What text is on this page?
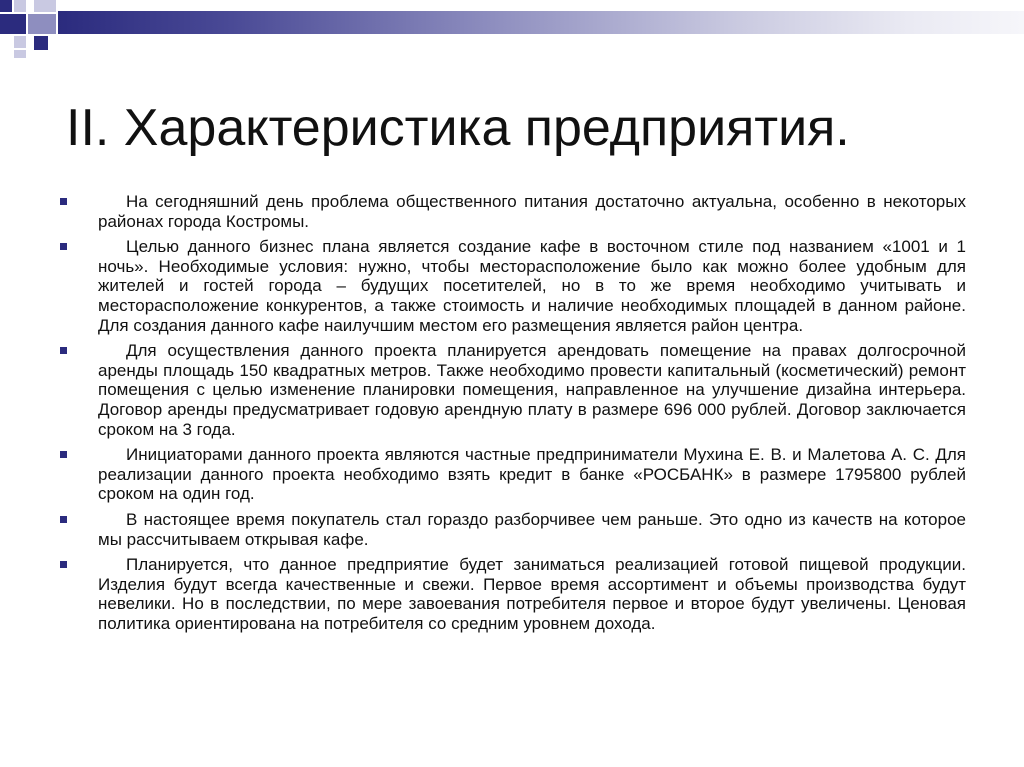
II. Характеристика предприятия.
На сегодняшний день проблема общественного питания достаточно актуальна, особенно в некоторых районах города Костромы.
Целью данного бизнес плана является создание кафе в восточном стиле под названием «1001 и 1 ночь». Необходимые условия: нужно, чтобы месторасположение было как можно более удобным для жителей и гостей города – будущих посетителей, но в то же время необходимо учитывать и месторасположение конкурентов, а также стоимость и наличие необходимых площадей в данном районе. Для создания данного кафе наилучшим местом его размещения является район центра.
Для осуществления данного проекта планируется арендовать помещение на правах долгосрочной аренды площадь 150 квадратных метров. Также необходимо провести капитальный (косметический) ремонт помещения с целью изменение планировки помещения, направленное на улучшение дизайна интерьера. Договор аренды предусматривает годовую арендную плату в размере 696 000 рублей. Договор заключается сроком на 3 года.
Инициаторами данного проекта являются частные предприниматели Мухина Е. В. и Малетова А. С. Для реализации данного проекта необходимо взять кредит в банке «РОСБАНК» в размере 1795800 рублей сроком на один год.
В настоящее время покупатель стал гораздо разборчивее чем раньше. Это одно из качеств на которое мы рассчитываем открывая кафе.
Планируется, что данное предприятие будет заниматься реализацией готовой пищевой продукции. Изделия будут всегда качественные и свежи. Первое время ассортимент и объемы производства будут невелики. Но в последствии, по мере завоевания потребителя первое и второе будут увеличены. Ценовая политика ориентирована на потребителя со средним уровнем дохода.
